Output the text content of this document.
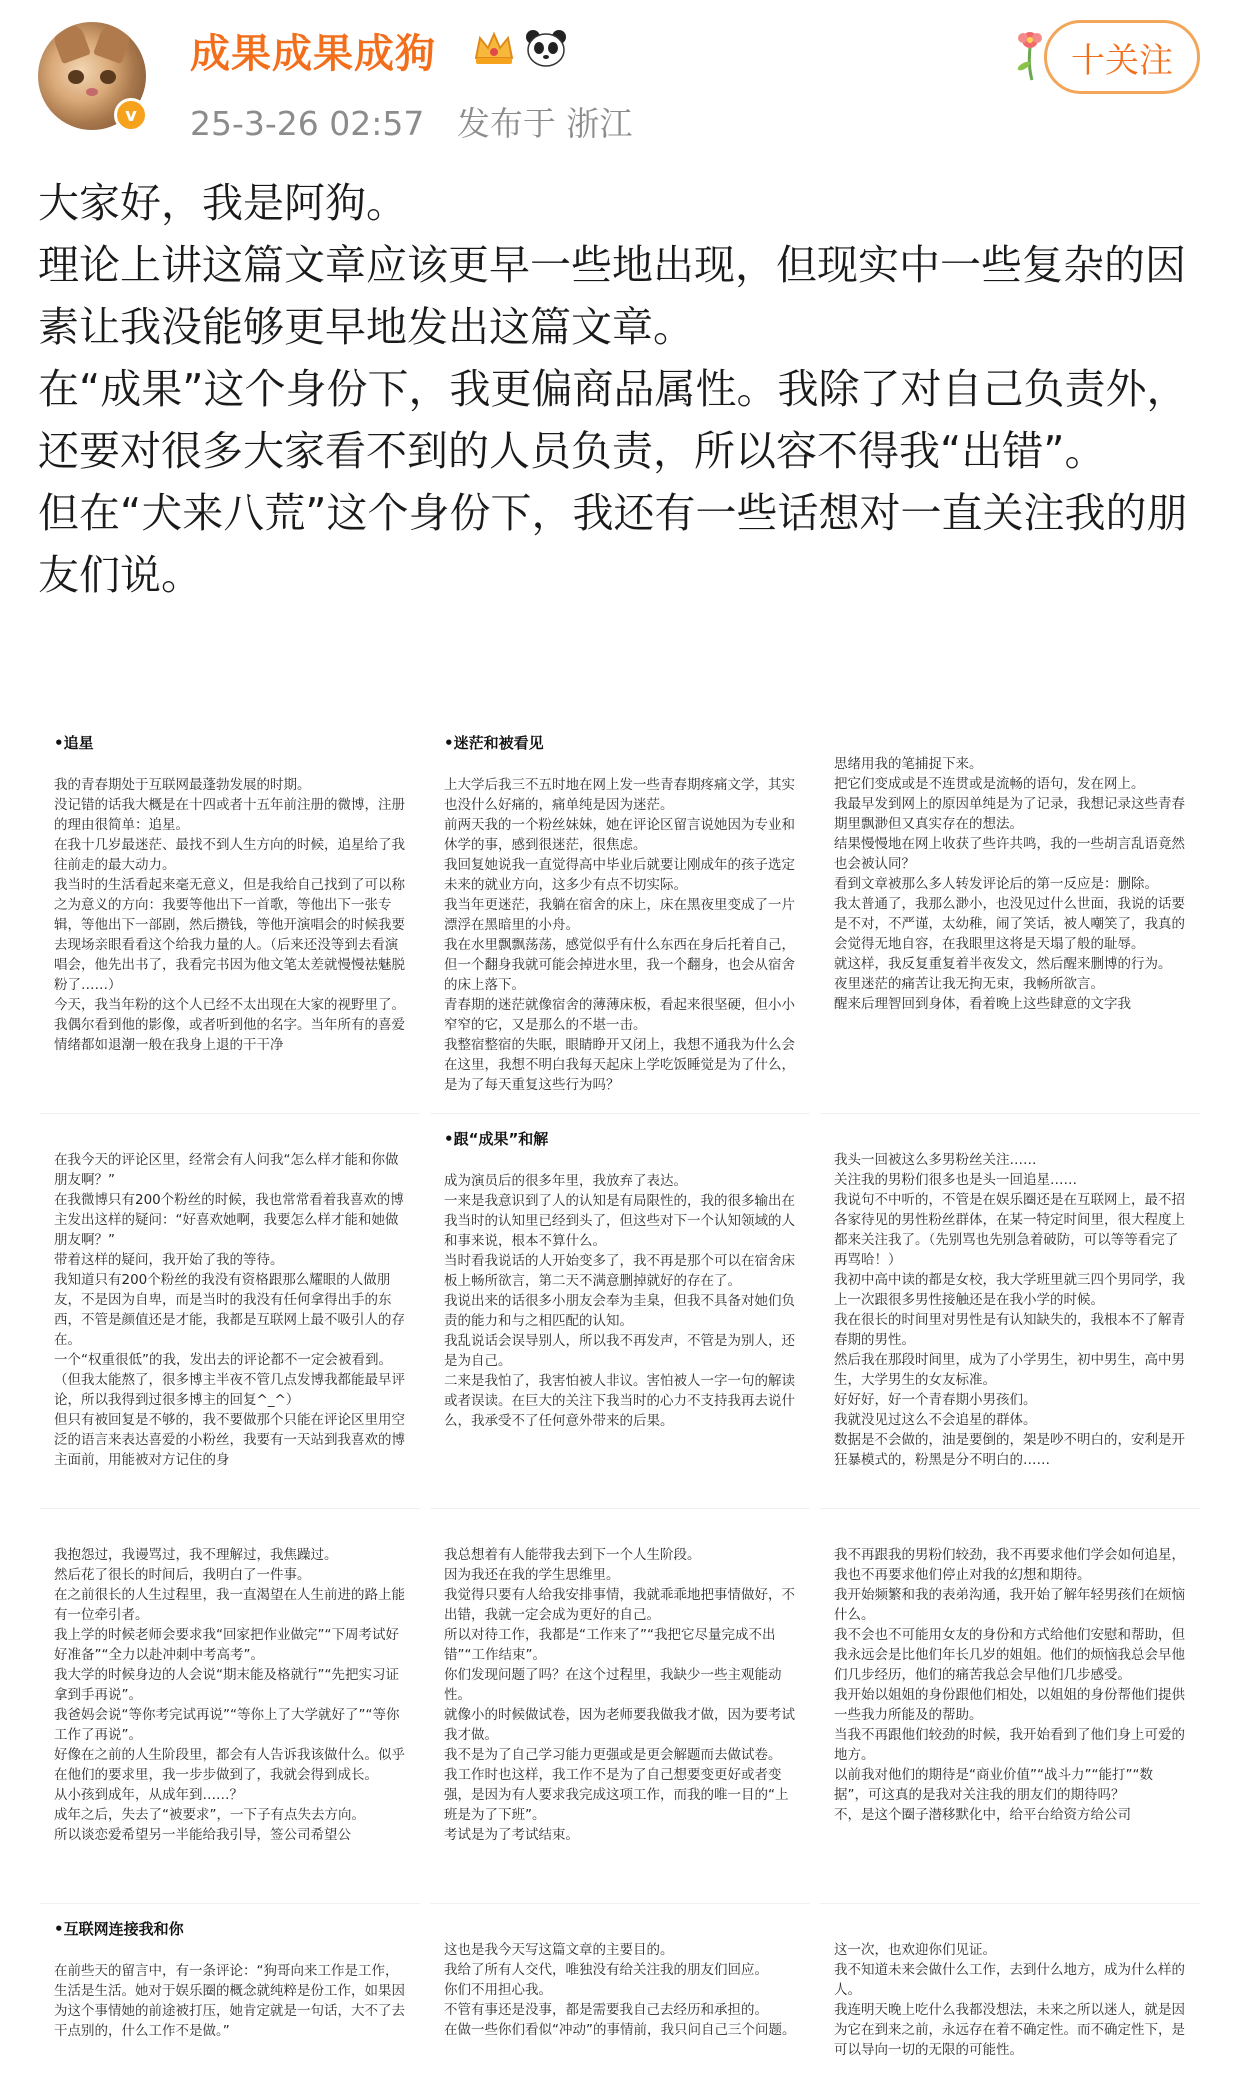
v
成果成果成狗
25-3-26 02:57 发布于 浙江
十关注

大家好，我是阿狗。

理论上讲这篇文章应该更早一些地出现，但现实中一些复杂的因素让我没能够更早地发出这篇文章。

在“成果”这个身份下，我更偏商品属性。我除了对自己负责外，还要对很多大家看不到的人员负责，所以容不得我“出错”。

但在“犬来八荒”这个身份下，我还有一些话想对一直关注我的朋友们说。

•追星
我的青春期处于互联网最蓬勃发展的时期。
没记错的话我大概是在十四或者十五年前注册的微博，注册的理由很简单：追星。
在我十几岁最迷茫、最找不到人生方向的时候，追星给了我往前走的最大动力。
我当时的生活看起来毫无意义，但是我给自己找到了可以称之为意义的方向：我要等他出下一首歌，等他出下一张专辑，等他出下一部剧，然后攒钱，等他开演唱会的时候我要去现场亲眼看看这个给我力量的人。（后来还没等到去看演唱会，他先出书了，我看完书因为他文笔太差就慢慢祛魅脱粉了……）
今天，我当年粉的这个人已经不太出现在大家的视野里了。
我偶尔看到他的影像，或者听到他的名字。当年所有的喜爱情绪都如退潮一般在我身上退的干干净
•迷茫和被看见
上大学后我三不五时地在网上发一些青春期疼痛文学，其实也没什么好痛的，痛单纯是因为迷茫。
前两天我的一个粉丝妹妹，她在评论区留言说她因为专业和休学的事，感到很迷茫，很焦虑。
我回复她说我一直觉得高中毕业后就要让刚成年的孩子选定未来的就业方向，这多少有点不切实际。
我当年更迷茫，我躺在宿舍的床上，床在黑夜里变成了一片漂浮在黑暗里的小舟。
我在水里飘飘荡荡，感觉似乎有什么东西在身后托着自己，但一个翻身我就可能会掉进水里，我一个翻身，也会从宿舍的床上落下。
青春期的迷茫就像宿舍的薄薄床板，看起来很坚硬，但小小窄窄的它，又是那么的不堪一击。
我整宿整宿的失眠，眼睛睁开又闭上，我想不通我为什么会在这里，我想不明白我每天起床上学吃饭睡觉是为了什么，是为了每天重复这些行为吗？
思绪用我的笔捕捉下来。
把它们变成或是不连贯或是流畅的语句，发在网上。
我最早发到网上的原因单纯是为了记录，我想记录这些青春期里飘渺但又真实存在的想法。
结果慢慢地在网上收获了些许共鸣，我的一些胡言乱语竟然也会被认同？
看到文章被那么多人转发评论后的第一反应是：删除。
我太普通了，我那么渺小，也没见过什么世面，我说的话要是不对，不严谨，太幼稚，闹了笑话，被人嘲笑了，我真的会觉得无地自容，在我眼里这将是天塌了般的耻辱。
就这样，我反复重复着半夜发文，然后醒来删博的行为。
夜里迷茫的痛苦让我无拘无束，我畅所欲言。
醒来后理智回到身体，看着晚上这些肆意的文字我
在我今天的评论区里，经常会有人问我“怎么样才能和你做朋友啊？”
在我微博只有200个粉丝的时候，我也常常看着我喜欢的博主发出这样的疑问：“好喜欢她啊，我要怎么样才能和她做朋友啊？”
带着这样的疑问，我开始了我的等待。
我知道只有200个粉丝的我没有资格跟那么耀眼的人做朋友，不是因为自卑，而是当时的我没有任何拿得出手的东西，不管是颜值还是才能，我都是互联网上最不吸引人的存在。
一个“权重很低”的我，发出去的评论都不一定会被看到。
（但我太能熬了，很多博主半夜不管几点发博我都能最早评论，所以我得到过很多博主的回复^_^）
但只有被回复是不够的，我不要做那个只能在评论区里用空泛的语言来表达喜爱的小粉丝，我要有一天站到我喜欢的博主面前，用能被对方记住的身
•跟“成果”和解
成为演员后的很多年里，我放弃了表达。
一来是我意识到了人的认知是有局限性的，我的很多输出在我当时的认知里已经到头了，但这些对下一个认知领域的人和事来说，根本不算什么。
当时看我说话的人开始变多了，我不再是那个可以在宿舍床板上畅所欲言，第二天不满意删掉就好的存在了。
我说出来的话很多小朋友会奉为圭臬，但我不具备对她们负责的能力和与之相匹配的认知。
我乱说话会误导别人，所以我不再发声，不管是为别人，还是为自己。
二来是我怕了，我害怕被人非议。害怕被人一字一句的解读或者误读。在巨大的关注下我当时的心力不支持我再去说什么，我承受不了任何意外带来的后果。
我头一回被这么多男粉丝关注……
关注我的男粉们很多也是头一回追星……
我说句不中听的，不管是在娱乐圈还是在互联网上，最不招各家待见的男性粉丝群体，在某一特定时间里，很大程度上都来关注我了。（先别骂也先别急着破防，可以等等看完了再骂哈！）
我初中高中读的都是女校，我大学班里就三四个男同学，我上一次跟很多男性接触还是在我小学的时候。
我在很长的时间里对男性是有认知缺失的，我根本不了解青春期的男性。
然后我在那段时间里，成为了小学男生，初中男生，高中男生，大学男生的女友标准。
好好好，好一个青春期小男孩们。
我就没见过这么不会追星的群体。
数据是不会做的，油是要倒的，架是吵不明白的，安利是开狂暴模式的，粉黑是分不明白的……
我抱怨过，我谩骂过，我不理解过，我焦躁过。
然后花了很长的时间后，我明白了一件事。
在之前很长的人生过程里，我一直渴望在人生前进的路上能有一位牵引者。
我上学的时候老师会要求我“回家把作业做完”“下周考试好好准备”“全力以赴冲刺中考高考”。
我大学的时候身边的人会说“期末能及格就行”“先把实习证拿到手再说”。
我爸妈会说“等你考完试再说”“等你上了大学就好了”“等你工作了再说”。
好像在之前的人生阶段里，都会有人告诉我该做什么。似乎在他们的要求里，我一步步做到了，我就会得到成长。
从小孩到成年，从成年到……？
成年之后，失去了“被要求”，一下子有点失去方向。
所以谈恋爱希望另一半能给我引导，签公司希望公
我总想着有人能带我去到下一个人生阶段。
因为我还在我的学生思维里。
我觉得只要有人给我安排事情，我就乖乖地把事情做好，不出错，我就一定会成为更好的自己。
所以对待工作，我都是“工作来了”“我把它尽量完成不出错”“工作结束”。
你们发现问题了吗？在这个过程里，我缺少一些主观能动性。
就像小的时候做试卷，因为老师要我做我才做，因为要考试我才做。
我不是为了自己学习能力更强或是更会解题而去做试卷。
我工作时也这样，我工作不是为了自己想要变更好或者变强，是因为有人要求我完成这项工作，而我的唯一目的“上班是为了下班”。
考试是为了考试结束。
我不再跟我的男粉们较劲，我不再要求他们学会如何追星，我也不再要求他们停止对我的幻想和期待。
我开始频繁和我的表弟沟通，我开始了解年轻男孩们在烦恼什么。
我不会也不可能用女友的身份和方式给他们安慰和帮助，但我永远会是比他们年长几岁的姐姐。他们的烦恼我总会早他们几步经历，他们的痛苦我总会早他们几步感受。
我开始以姐姐的身份跟他们相处，以姐姐的身份帮他们提供一些我力所能及的帮助。
当我不再跟他们较劲的时候，我开始看到了他们身上可爱的地方。
以前我对他们的期待是“商业价值”“战斗力”“能打”“数据”，可这真的是我对关注我的朋友们的期待吗？
不，是这个圈子潜移默化中，给平台给资方给公司
•互联网连接我和你
在前些天的留言中，有一条评论：“狗哥向来工作是工作，生活是生活。她对于娱乐圈的概念就纯粹是份工作，如果因为这个事情她的前途被打压，她肯定就是一句话，大不了去干点别的，什么工作不是做。”
这也是我今天写这篇文章的主要目的。
我给了所有人交代，唯独没有给关注我的朋友们回应。
你们不用担心我。
不管有事还是没事，都是需要我自己去经历和承担的。
在做一些你们看似“冲动”的事情前，我只问自己三个问题。
这一次，也欢迎你们见证。
我不知道未来会做什么工作，去到什么地方，成为什么样的人。
我连明天晚上吃什么我都没想法，未来之所以迷人，就是因为它在到来之前，永远存在着不确定性。而不确定性下，是可以导向一切的无限的可能性。
